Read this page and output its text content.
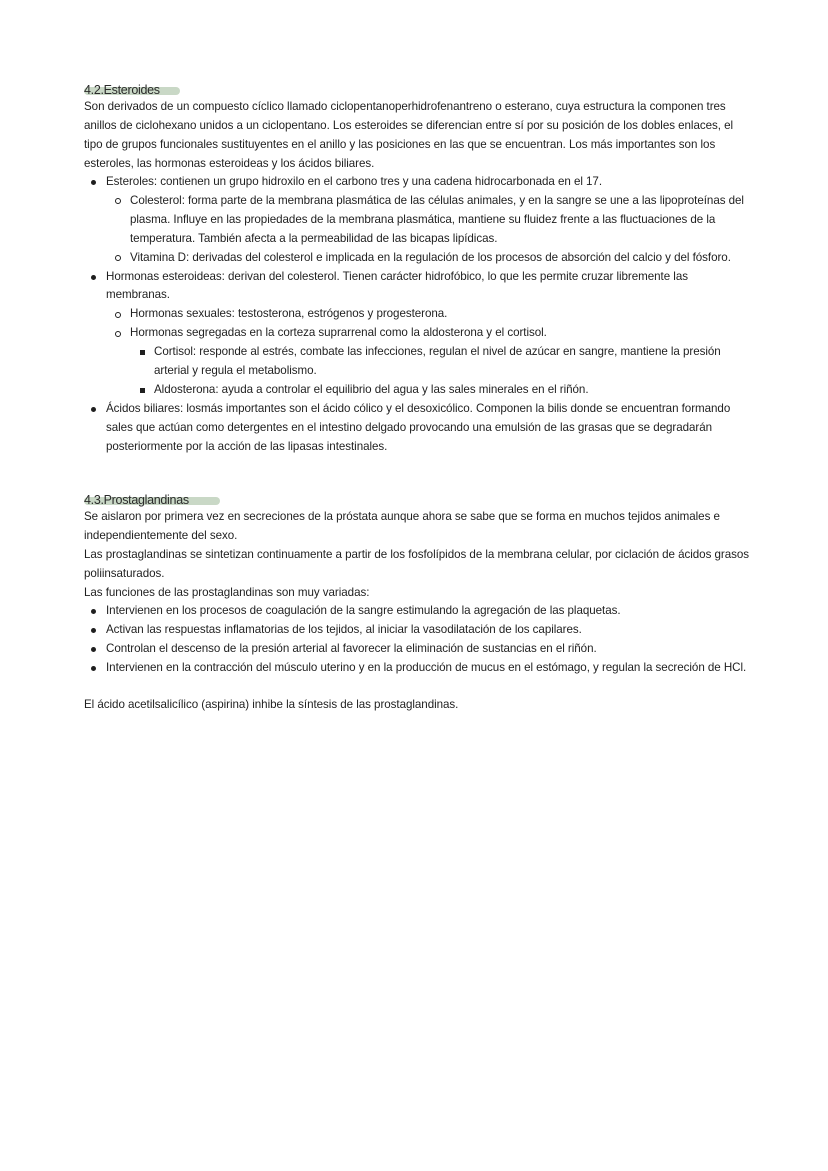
4.2.Esteroides

Son derivados de un compuesto cíclico llamado ciclopentanoperhidrofenantreno o esterano, cuya estructura la componen tres anillos de ciclohexano unidos a un ciclopentano. Los esteroides se diferencian entre sí por su posición de los dobles enlaces, el tipo de grupos funcionales sustituyentes en el anillo y las posiciones en las que se encuentran. Los más importantes son los esteroles, las hormonas esteroideas y los ácidos biliares.

Esteroles: contienen un grupo hidroxilo en el carbono tres y una cadena hidrocarbonada en el 17.
Colesterol: forma parte de la membrana plasmática de las células animales, y en la sangre se une a las lipoproteínas del plasma. Influye en las propiedades de la membrana plasmática, mantiene su fluidez frente a las fluctuaciones de la temperatura. También afecta a la permeabilidad de las bicapas lipídicas.
Vitamina D: derivadas del colesterol e implicada en la regulación de los procesos de absorción del calcio y del fósforo.
Hormonas esteroideas: derivan del colesterol. Tienen carácter hidrofóbico, lo que les permite cruzar libremente las membranas.
Hormonas sexuales: testosterona, estrógenos y progesterona.
Hormonas segregadas en la corteza suprarrenal como la aldosterona y el cortisol.
Cortisol: responde al estrés, combate las infecciones, regulan el nivel de azúcar en sangre, mantiene la presión arterial y regula el metabolismo.
Aldosterona: ayuda a controlar el equilibrio del agua y las sales minerales en el riñón.
Ácidos biliares: losmás importantes son el ácido cólico y el desoxicólico. Componen la bilis donde se encuentran formando sales que actúan como detergentes en el intestino delgado provocando una emulsión de las grasas que se degradarán posteriormente por la acción de las lipasas intestinales.
4.3.Prostaglandinas

Se aislaron por primera vez en secreciones de la próstata aunque ahora se sabe que se forma en muchos tejidos animales e independientemente del sexo.

Las prostaglandinas se sintetizan continuamente a partir de los fosfolípidos de la membrana celular, por ciclación de ácidos grasos poliinsaturados.

Las funciones de las prostaglandinas son muy variadas:

Intervienen en los procesos de coagulación de la sangre estimulando la agregación de las plaquetas.
Activan las respuestas inflamatorias de los tejidos, al iniciar la vasodilatación de los capilares.
Controlan el descenso de la presión arterial al favorecer la eliminación de sustancias en el riñón.
Intervienen en la contracción del músculo uterino y en la producción de mucus en el estómago, y regulan la secreción de HCl.

El ácido acetilsalicílico (aspirina) inhibe la síntesis de las prostaglandinas.
